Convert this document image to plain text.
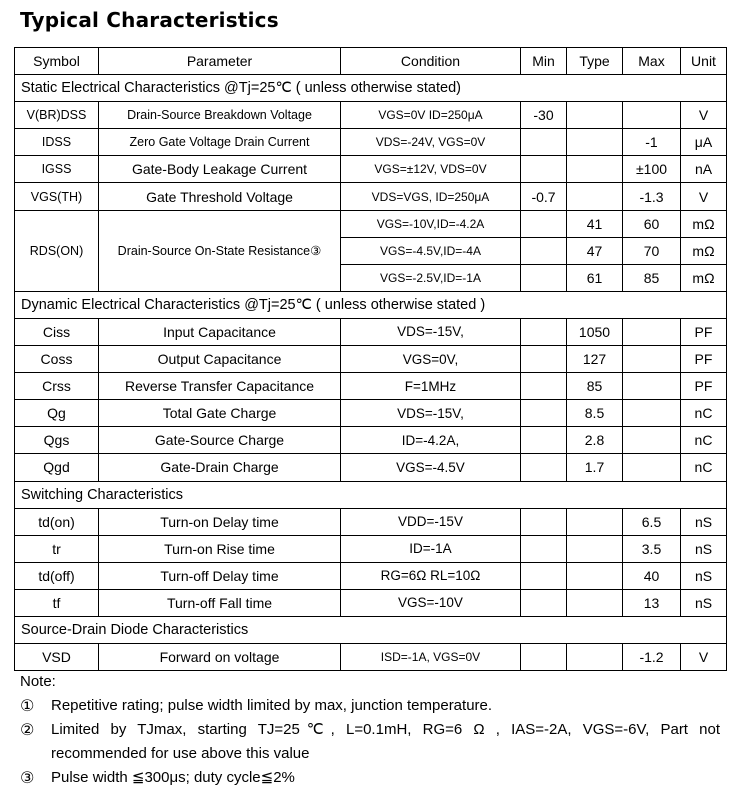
Typical Characteristics
Symbol	Parameter	Condition	Min	Type	Max	Unit
Static Electrical Characteristics @Tj=25℃ ( unless otherwise stated)						
V(BR)DSS	Drain-Source Breakdown Voltage	VGS=0V ID=250μA	-30			V
IDSS	Zero Gate Voltage Drain Current	VDS=-24V, VGS=0V			-1	μA
IGSS	Gate-Body Leakage Current	VGS=±12V, VDS=0V			±100	nA
VGS(TH)	Gate Threshold Voltage	VDS=VGS, ID=250μA	-0.7		-1.3	V
RDS(ON)	Drain-Source On-State Resistance③	VGS=-10V,ID=-4.2A		41	60	mΩ
		VGS=-4.5V,ID=-4A		47	70	mΩ
		VGS=-2.5V,ID=-1A		61	85	mΩ
Dynamic Electrical Characteristics @Tj=25℃ ( unless otherwise stated )						
Ciss	Input Capacitance	VDS=-15V,		1050		PF
Coss	Output Capacitance	VGS=0V,		127		PF
Crss	Reverse Transfer Capacitance	F=1MHz		85		PF
Qg	Total Gate Charge	VDS=-15V,		8.5		nC
Qgs	Gate-Source Charge	ID=-4.2A,		2.8		nC
Qgd	Gate-Drain Charge	VGS=-4.5V		1.7		nC
Switching Characteristics						
td(on)	Turn-on Delay time	VDD=-15V			6.5	nS
tr	Turn-on Rise time	ID=-1A			3.5	nS
td(off)	Turn-off Delay time	RG=6Ω RL=10Ω			40	nS
tf	Turn-off Fall time	VGS=-10V			13	nS
Source-Drain Diode Characteristics						
VSD	Forward on voltage	ISD=-1A, VGS=0V			-1.2	V
Note:
① Repetitive rating; pulse width limited by max, junction temperature.
② Limited by TJmax, starting TJ=25℃, L=0.1mH, RG=6 Ω , IAS=-2A, VGS=-6V, Part not
recommended for use above this value
③ Pulse width ≦300μs; duty cycle≦2%
